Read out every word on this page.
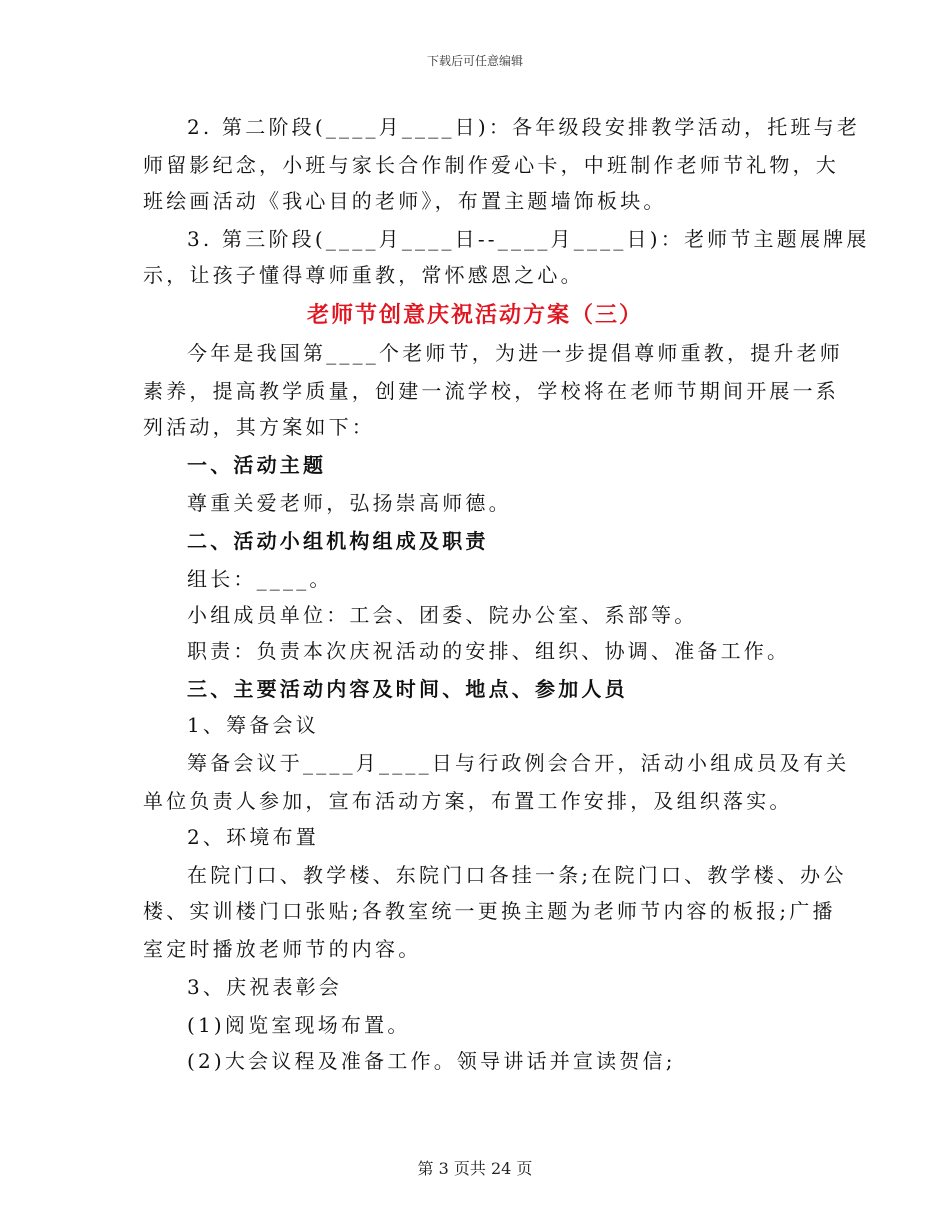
下载后可任意编辑
2. 第二阶段(____月____日)：各年级段安排教学活动，托班与老
师留影纪念，小班与家长合作制作爱心卡，中班制作老师节礼物，大
班绘画活动《我心目的老师》，布置主题墙饰板块。
3. 第三阶段(____月____日--____月____日)：老师节主题展牌展
示，让孩子懂得尊师重教，常怀感恩之心。
老师节创意庆祝活动方案（三）
今年是我国第____个老师节，为进一步提倡尊师重教，提升老师
素养，提高教学质量，创建一流学校，学校将在老师节期间开展一系
列活动，其方案如下：
一、活动主题
尊重关爱老师，弘扬崇高师德。
二、活动小组机构组成及职责
组长：____。
小组成员单位：工会、团委、院办公室、系部等。
职责：负责本次庆祝活动的安排、组织、协调、准备工作。
三、主要活动内容及时间、地点、参加人员
1、筹备会议
筹备会议于____月____日与行政例会合开，活动小组成员及有关
单位负责人参加，宣布活动方案，布置工作安排，及组织落实。
2、环境布置
在院门口、教学楼、东院门口各挂一条;在院门口、教学楼、办公
楼、实训楼门口张贴;各教室统一更换主题为老师节内容的板报;广播
室定时播放老师节的内容。
3、庆祝表彰会
(1)阅览室现场布置。
(2)大会议程及准备工作。领导讲话并宣读贺信;
第 3 页共 24 页
